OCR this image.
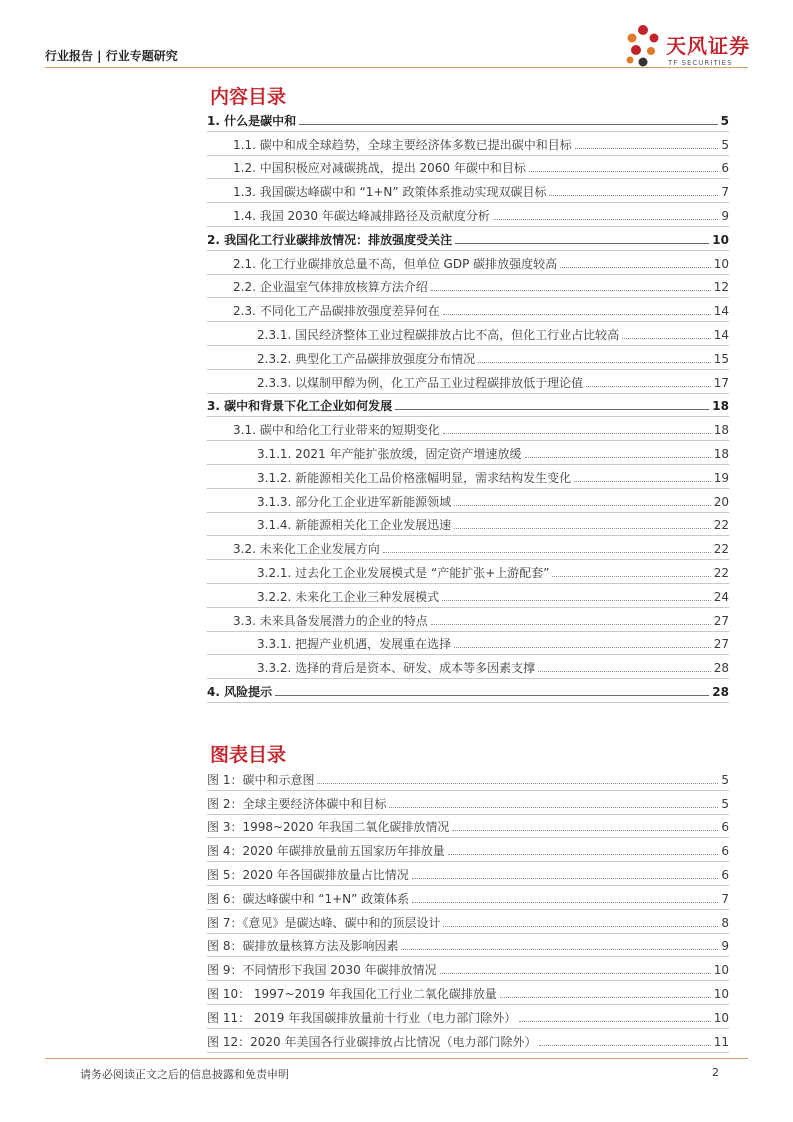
行业报告 | 行业专题研究	天风证券
TF SECURITIES
内容目录
1. 什么是碳中和	5
1.1. 碳中和成全球趋势，全球主要经济体多数已提出碳中和目标	5
1.2. 中国积极应对减碳挑战，提出 2060 年碳中和目标	6
1.3. 我国碳达峰碳中和 “1+N” 政策体系推动实现双碳目标	7
1.4. 我国 2030 年碳达峰减排路径及贡献度分析	9
2. 我国化工行业碳排放情况：排放强度受关注	10
2.1. 化工行业碳排放总量不高，但单位 GDP 碳排放强度较高	10
2.2. 企业温室气体排放核算方法介绍	12
2.3. 不同化工产品碳排放强度差异何在	14
2.3.1. 国民经济整体工业过程碳排放占比不高，但化工行业占比较高	14
2.3.2. 典型化工产品碳排放强度分布情况	15
2.3.3. 以煤制甲醇为例，化工产品工业过程碳排放低于理论值	17
3. 碳中和背景下化工企业如何发展	18
3.1. 碳中和给化工行业带来的短期变化	18
3.1.1. 2021 年产能扩张放缓，固定资产增速放缓	18
3.1.2. 新能源相关化工品价格涨幅明显，需求结构发生变化	19
3.1.3. 部分化工企业进军新能源领域	20
3.1.4. 新能源相关化工企业发展迅速	22
3.2. 未来化工企业发展方向	22
3.2.1. 过去化工企业发展模式是 “产能扩张+上游配套”	22
3.2.2. 未来化工企业三种发展模式	24
3.3. 未来具备发展潜力的企业的特点	27
3.3.1. 把握产业机遇，发展重在选择	27
3.3.2. 选择的背后是资本、研发、成本等多因素支撑	28
4. 风险提示	28
图表目录
图 1：碳中和示意图	5
图 2：全球主要经济体碳中和目标	5
图 3：1998~2020 年我国二氧化碳排放情况	6
图 4：2020 年碳排放量前五国家历年排放量	6
图 5：2020 年各国碳排放量占比情况	6
图 6：碳达峰碳中和 “1+N” 政策体系	7
图 7：《意见》是碳达峰、碳中和的顶层设计	8
图 8：碳排放量核算方法及影响因素	9
图 9：不同情形下我国 2030 年碳排放情况	10
图 10： 1997~2019 年我国化工行业二氧化碳排放量	10
图 11： 2019 年我国碳排放量前十行业（电力部门除外）	10
图 12：2020 年美国各行业碳排放占比情况（电力部门除外）	11
请务必阅读正文之后的信息披露和免责申明	2
